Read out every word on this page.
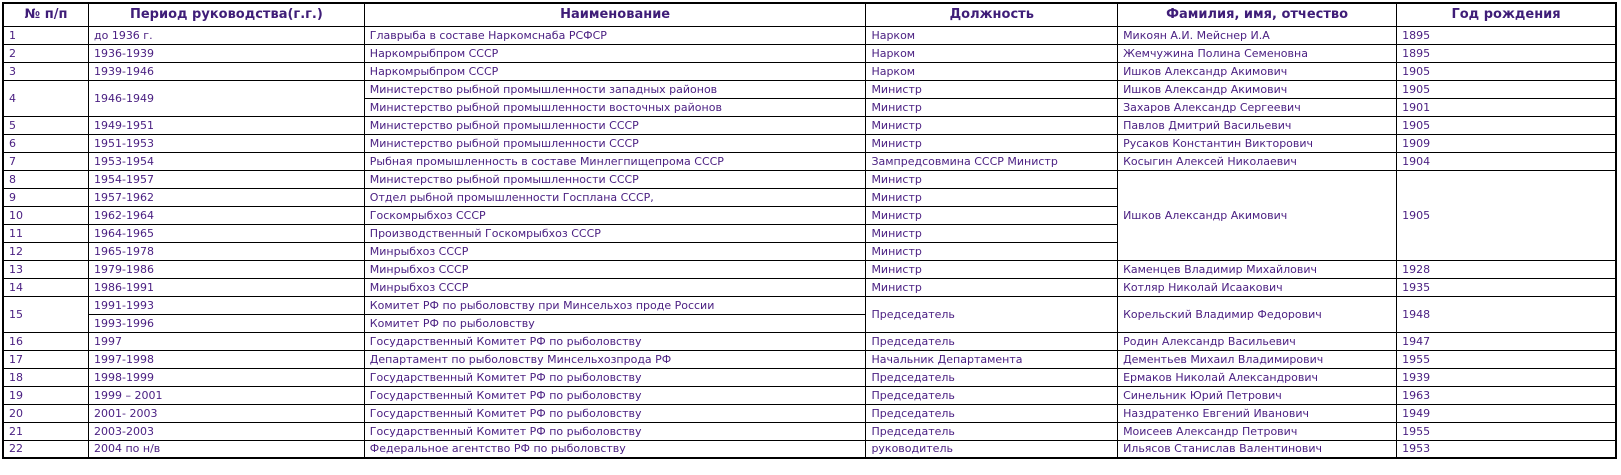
№ п/п	Период руководства(г.г.)	Наименование	Должность	Фамилия, имя, отчество	Год рождения
1	до 1936 г.	Главрыба в составе Наркомснаба РСФСР	Нарком	Микоян А.И. Мейснер И.А	1895
2	1936-1939	Наркомрыбпром СССР	Нарком	Жемчужина Полина Семеновна	1895
3	1939-1946	Наркомрыбпром СССР	Нарком	Ишков Александр Акимович	1905
4	1946-1949	Министерство рыбной промышленности западных районов	Министр	Ишков Александр Акимович	1905
		Министерство рыбной промышленности восточных районов	Министр	Захаров Александр Сергеевич	1901
5	1949-1951	Министерство рыбной промышленности СССР	Министр	Павлов Дмитрий Васильевич	1905
6	1951-1953	Министерство рыбной промышленности СССР	Министр	Русаков Константин Викторович	1909
7	1953-1954	Рыбная промышленность в составе Минлегпищепрома СССР	Зампредсовмина СССР Министр	Косыгин Алексей Николаевич	1904
8	1954-1957	Министерство рыбной промышленности СССР	Министр	Ишков Александр Акимович	1905
9	1957-1962	Отдел рыбной промышленности Госплана СССР,	Министр		
10	1962-1964	Госкомрыбхоз СССР	Министр		
11	1964-1965	Производственный Госкомрыбхоз СССР	Министр		
12	1965-1978	Минрыбхоз СССР	Министр		
13	1979-1986	Минрыбхоз СССР	Министр	Каменцев Владимир Михайлович	1928
14	1986-1991	Минрыбхоз СССР	Министр	Котляр Николай Исаакович	1935
15	1991-1993	Комитет РФ по рыболовству при Минсельхоз проде России	Председатель	Корельский Владимир Федорович	1948
	1993-1996	Комитет РФ по рыболовству			
16	1997	Государственный Комитет РФ по рыболовству	Председатель	Родин Александр Васильевич	1947
17	1997-1998	Департамент по рыболовству Минсельхозпрода РФ	Начальник Департамента	Дементьев Михаил Владимирович	1955
18	1998-1999	Государственный Комитет РФ по рыболовству	Председатель	Ермаков Николай Александрович	1939
19	1999 – 2001	Государственный Комитет РФ по рыболовству	Председатель	Синельник Юрий Петрович	1963
20	2001- 2003	Государственный Комитет РФ по рыболовству	Председатель	Наздратенко Евгений Иванович	1949
21	2003-2003	Государственный Комитет РФ по рыболовству	Председатель	Моисеев Александр Петрович	1955
22	2004 по н/в	Федеральное агентство РФ по рыболовству	руководитель	Ильясов Станислав Валентинович	1953
